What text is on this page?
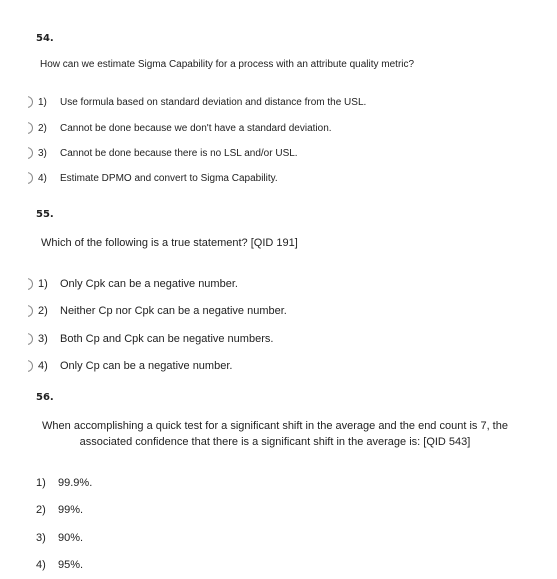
54.
How can we estimate Sigma Capability for a process with an attribute quality metric?
1)	Use formula based on standard deviation and distance from the USL.
2)	Cannot be done because we don't have a standard deviation.
3)	Cannot be done because there is no LSL and/or USL.
4)	Estimate DPMO and convert to Sigma Capability.
55.
Which of the following is a true statement? [QID 191]
1)	Only Cpk can be a negative number.
2)	Neither Cp nor Cpk can be a negative number.
3)	Both Cp and Cpk can be negative numbers.
4)	Only Cp can be a negative number.
56.
When accomplishing a quick test for a significant shift in the average and the end count is 7, the
associated confidence that there is a significant shift in the average is: [QID 543]
1)	99.9%.
2)	99%.
3)	90%.
4)	95%.
